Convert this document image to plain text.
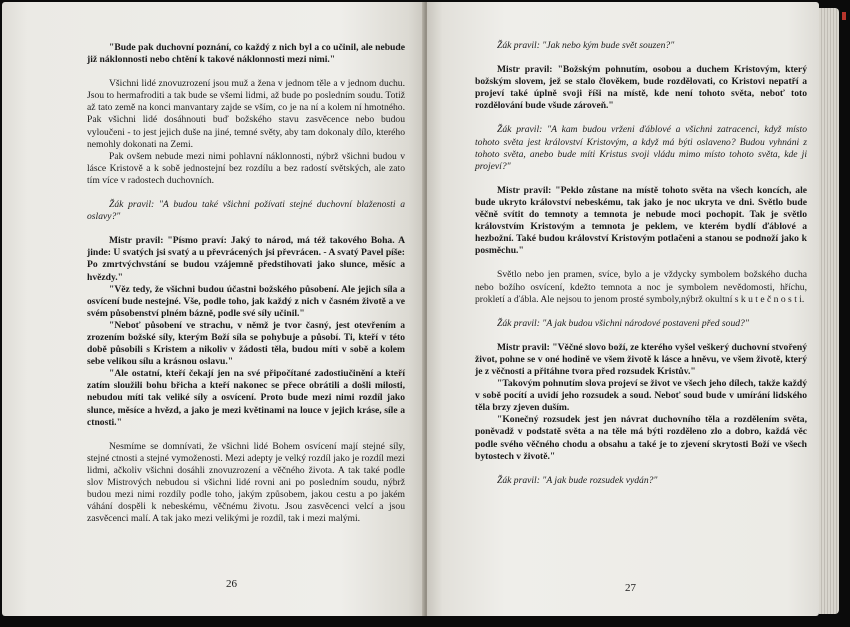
"Bude pak duchovní poznání, co každý z nich byl a co učinil, ale nebude již náklonnosti nebo chtění k takové náklonnosti mezi nimi."

Všichni lidé znovuzrození jsou muž a žena v jednom těle a v jednom duchu. Jsou to hermafroditi a tak bude se všemi lidmi, až bude po posledním soudu. Totiž až tato země na konci manvantary zajde se vším, co je na ní a kolem ní hmotného. Pak všichni lidé dosáhnouti buď božského stavu zasvěcence nebo budou vyloučeni - to jest jejich duše na jiné, temné světy, aby tam dokonaly dílo, kterého nemohly dokonati na Zemi.

Pak ovšem nebude mezi nimi pohlavní náklonnosti, nýbrž všichni budou v lásce Kristově a k sobě jednostejní bez rozdílu a bez radostí světských, ale zato tím více v radostech duchovních.

Žák pravil: "A budou také všichni požívati stejné duchovní blaženosti a oslavy?"

Mistr pravil: "Písmo praví: Jaký to národ, má též takového Boha. A jinde: U svatých jsi svatý a u převrácených jsi převrácen. - A svatý Pavel píše: Po zmrtvýchvstání se budou vzájemně předstihovati jako slunce, měsíc a hvězdy."

"Věz tedy, že všichni budou účastni božského působení. Ale jejich síla a osvícení bude nestejné. Vše, podle toho, jak každý z nich v časném životě a ve svém působenství plném bázně, podle své síly učinil."

"Neboť působení ve strachu, v němž je tvor časný, jest otevřením a zrozením božské síly, kterým Boží síla se pohybuje a působí. Ti, kteří v této době působili s Kristem a nikoliv v žádosti těla, budou míti v sobě a kolem sebe velikou sílu a krásnou oslavu."

"Ale ostatní, kteří čekají jen na své připočítané zadostiučinění a kteří zatím sloužili bohu břicha a kteří nakonec se přece obrátili a došli milosti, nebudou míti tak veliké síly a osvícení. Proto bude mezi nimi rozdíl jako slunce, měsíce a hvězd, a jako je mezi květinami na louce v jejich kráse, síle a ctnosti."

Nesmíme se domnívati, že všichni lidé Bohem osvícení mají stejné síly, stejné ctnosti a stejné vymoženosti. Mezi adepty je velký rozdíl jako je rozdíl mezi lidmi, ačkoliv všichni dosáhli znovuzrození a věčného života. A tak také podle slov Mistrových nebudou si všichni lidé rovni ani po posledním soudu, nýbrž budou mezi nimi rozdíly podle toho, jakým způsobem, jakou cestu a po jakém váhání dospěli k nebeskému, věčnému životu. Jsou zasvěcenci velcí a jsou zasvěcenci malí. A tak jako mezi velikými je rozdíl, tak i mezi malými.

26

Žák pravil: "Jak nebo kým bude svět souzen?"

Mistr pravil: "Božským pohnutím, osobou a duchem Kristovým, který božským slovem, jež se stalo člověkem, bude rozdělovati, co Kristovi nepatří a projeví také úplně svoji říši na místě, kde není tohoto světa, neboť toto rozdělování bude všude zároveň."

Žák pravil: "A kam budou vrženi ďáblové a všichni zatracenci, když místo tohoto světa jest království Kristovým, a když má býti oslaveno? Budou vyhnáni z tohoto světa, anebo bude míti Kristus svoji vládu mimo místo tohoto světa, kde ji projeví?"

Mistr pravil: "Peklo zůstane na místě tohoto světa na všech koncích, ale bude ukryto království nebeskému, tak jako je noc ukryta ve dni. Světlo bude věčně svítit do temnoty a temnota je nebude moci pochopit. Tak je světlo královstvím Kristovým a temnota je peklem, ve kterém bydlí ďáblové a hezbožní. Také budou království Kristovým potlačeni a stanou se podnoží jako k posměchu."

Světlo nebo jen pramen, svíce, bylo a je vždycky symbolem božského ducha nebo božího osvícení, kdežto temnota a noc je symbolem nevědomosti, hříchu, prokletí a ďábla. Ale nejsou to jenom prosté symboly,nýbrž okultní s k u t e č n o s t i.

Žák pravil: "A jak budou všichni národové postaveni před soud?"

Mistr pravil: "Věčné slovo boží, ze kterého vyšel veškerý duchovní stvořený život, pohne se v oné hodině ve všem životě k lásce a hněvu, ve všem životě, který je z věčnosti a přitáhne tvora před rozsudek Kristův."

"Takovým pohnutím slova projeví se život ve všech jeho dílech, takže každý v sobě pocítí a uvidí jeho rozsudek a soud. Neboť soud bude v umírání lidského těla brzy zjeven duším.

"Konečný rozsudek jest jen návrat duchovního těla a rozdělením světa, poněvadž v podstatě světa a na těle má býti rozděleno zlo a dobro, každá věc podle svého věčného chodu a obsahu a také je to zjevení skrytosti Boží ve všech bytostech v životě."

Žák pravil: "A jak bude rozsudek vydán?"

27
